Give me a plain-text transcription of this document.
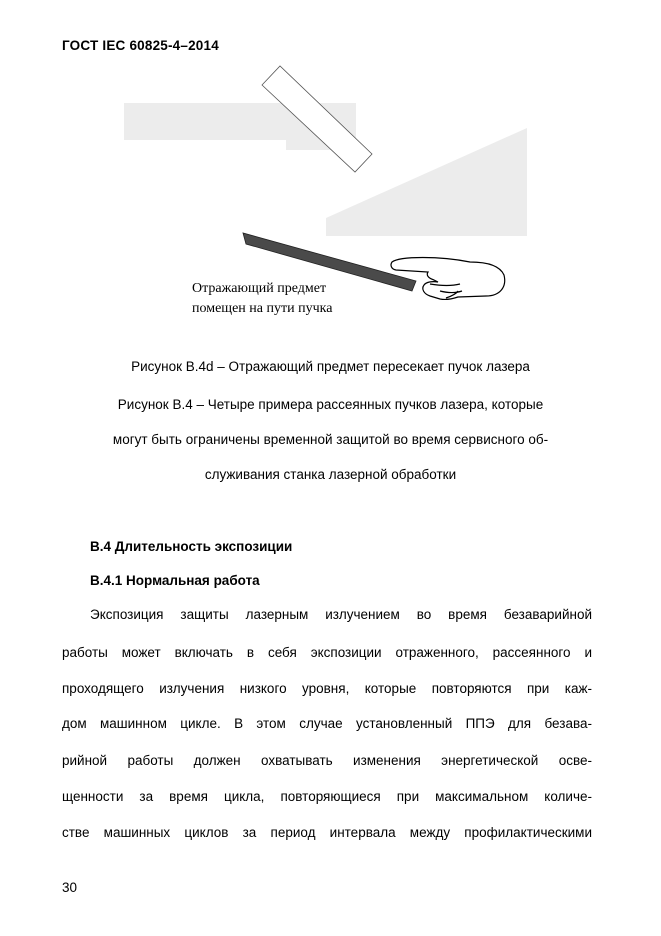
ГОСТ IEC 60825-4–2014
Отражающий предмет
помещен на пути пучка
Рисунок B.4d – Отражающий предмет пересекает пучок лазера
Рисунок B.4 – Четыре примера рассеянных пучков лазера, которые
могут быть ограничены временной защитой во время сервисного об-
служивания станка лазерной обработки
B.4 Длительность экспозиции
B.4.1 Нормальная работа
Экспозиция защиты лазерным излучением во время безаварийной
работы может включать в себя экспозиции отраженного, рассеянного и
проходящего излучения низкого уровня, которые повторяются при каж-
дом машинном цикле. В этом случае установленный ППЭ для безава-
рийной работы должен охватывать изменения энергетической осве-
щенности за время цикла, повторяющиеся при максимальном количе-
стве машинных циклов за период интервала между профилактическими
30
